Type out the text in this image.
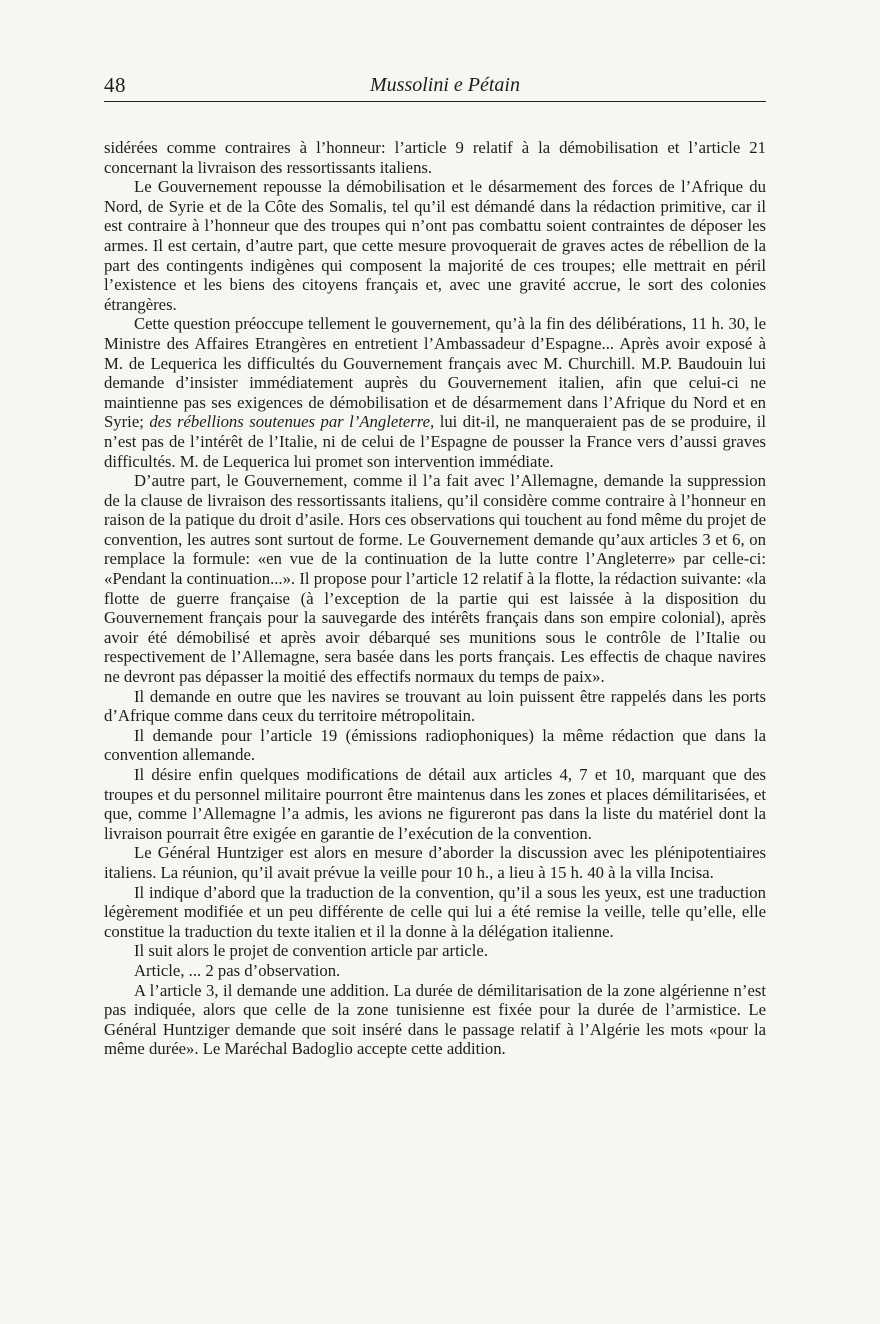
48	Mussolini e Pétain

sidérées comme contraires à l’honneur: l’article 9 relatif à la démobilisation et l’article 21 concernant la livraison des ressortissants italiens.

Le Gouvernement repousse la démobilisation et le désarmement des forces de l’Afrique du Nord, de Syrie et de la Côte des Somalis, tel qu’il est démandé dans la rédaction primitive, car il est contraire à l’honneur que des troupes qui n’ont pas combattu soient contraintes de déposer les armes. Il est certain, d’autre part, que cette mesure provoquerait de graves actes de rébellion de la part des contingents indigènes qui composent la majorité de ces troupes; elle mettrait en péril l’existence et les biens des citoyens français et, avec une gravité accrue, le sort des colonies étrangères.

Cette question préoccupe tellement le gouvernement, qu’à la fin des délibérations, 11 h. 30, le Ministre des Affaires Etrangères en entretient l’Ambassadeur d’Espagne... Après avoir exposé à M. de Lequerica les difficultés du Gouvernement français avec M. Churchill. M.P. Baudouin lui demande d’insister immédiatement auprès du Gouvernement italien, afin que celui-ci ne maintienne pas ses exigences de démobilisation et de désarmement dans l’Afrique du Nord et en Syrie; des rébellions soutenues par l’Angleterre, lui dit-il, ne manqueraient pas de se produire, il n’est pas de l’intérêt de l’Italie, ni de celui de l’Espagne de pousser la France vers d’aussi graves difficultés. M. de Lequerica lui promet son intervention immédiate.

D’autre part, le Gouvernement, comme il l’a fait avec l’Allemagne, demande la suppression de la clause de livraison des ressortissants italiens, qu’il considère comme contraire à l’honneur en raison de la patique du droit d’asile. Hors ces observations qui touchent au fond même du projet de convention, les autres sont surtout de forme. Le Gouvernement demande qu’aux articles 3 et 6, on remplace la formule: «en vue de la continuation de la lutte contre l’Angleterre» par celle-ci: «Pendant la continuation...». Il propose pour l’article 12 relatif à la flotte, la rédaction suivante: «la flotte de guerre française (à l’exception de la partie qui est laissée à la disposition du Gouvernement français pour la sauvegarde des intérêts français dans son empire colonial), après avoir été démobilisé et après avoir débarqué ses munitions sous le contrôle de l’Italie ou respectivement de l’Allemagne, sera basée dans les ports français. Les effectis de chaque navires ne devront pas dépasser la moitié des effectifs normaux du temps de paix».

Il demande en outre que les navires se trouvant au loin puissent être rappelés dans les ports d’Afrique comme dans ceux du territoire métropolitain.

Il demande pour l’article 19 (émissions radiophoniques) la même rédaction que dans la convention allemande.

Il désire enfin quelques modifications de détail aux articles 4, 7 et 10, marquant que des troupes et du personnel militaire pourront être maintenus dans les zones et places démilitarisées, et que, comme l’Allemagne l’a admis, les avions ne figureront pas dans la liste du matériel dont la livraison pourrait être exigée en garantie de l’exécution de la convention.

Le Général Huntziger est alors en mesure d’aborder la discussion avec les plénipotentiaires italiens. La réunion, qu’il avait prévue la veille pour 10 h., a lieu à 15 h. 40 à la villa Incisa.

Il indique d’abord que la traduction de la convention, qu’il a sous les yeux, est une traduction légèrement modifiée et un peu différente de celle qui lui a été remise la veille, telle qu’elle, elle constitue la traduction du texte italien et il la donne à la délégation italienne.

Il suit alors le projet de convention article par article.

Article, ... 2 pas d’observation.

A l’article 3, il demande une addition. La durée de démilitarisation de la zone algérienne n’est pas indiquée, alors que celle de la zone tunisienne est fixée pour la durée de l’armistice. Le Général Huntziger demande que soit inséré dans le passage relatif à l’Algérie les mots «pour la même durée». Le Maréchal Badoglio accepte cette addition.
